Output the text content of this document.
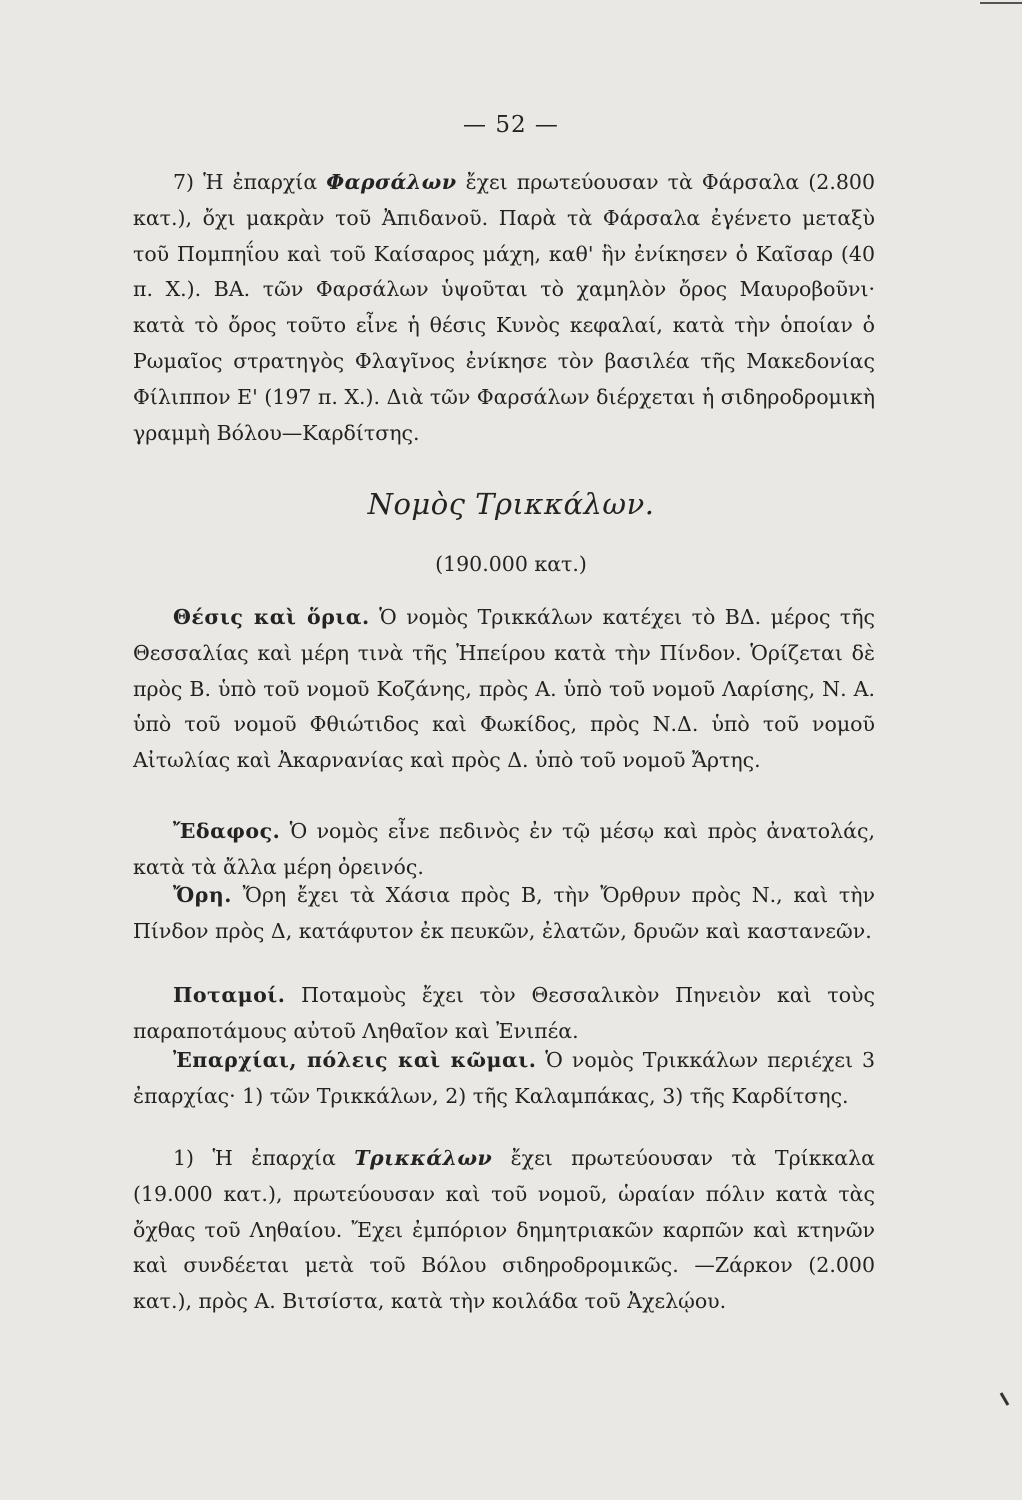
— 52 —

7) Ἡ ἐπαρχία Φαρσάλων ἔχει πρωτεύουσαν τὰ Φάρσαλα (2.800 κατ.), ὄχι μακρὰν τοῦ Ἀπιδανοῦ. Παρὰ τὰ Φάρσαλα ἐγένετο μεταξὺ τοῦ Πομπηΐου καὶ τοῦ Καίσαρος μάχη, καθ' ἣν ἐνίκησεν ὁ Καῖσαρ (40 π. Χ.). ΒΑ. τῶν Φαρσάλων ὑψοῦται τὸ χαμηλὸν ὄρος Μαυροβοῦνι· κατὰ τὸ ὄρος τοῦτο εἶνε ἡ θέσις Κυνὸς κεφαλαί, κατὰ τὴν ὁποίαν ὁ Ρωμαῖος στρατηγὸς Φλαγῖνος ἐνίκησε τὸν βασιλέα τῆς Μακεδονίας Φίλιππον Ε' (197 π. Χ.). Διὰ τῶν Φαρσάλων διέρχεται ἡ σιδηροδρομικὴ γραμμὴ Βόλου—Καρδίτσης.

Νομὸς Τρικκάλων.
(190.000 κατ.)

Θέσις καὶ ὅρια. Ὁ νομὸς Τρικκάλων κατέχει τὸ ΒΔ. μέρος τῆς Θεσσαλίας καὶ μέρη τινὰ τῆς Ἠπείρου κατὰ τὴν Πίνδον. Ὁρίζεται δὲ πρὸς Β. ὑπὸ τοῦ νομοῦ Κοζάνης, πρὸς Α. ὑπὸ τοῦ νομοῦ Λαρίσης, Ν. Α. ὑπὸ τοῦ νομοῦ Φθιώτιδος καὶ Φωκίδος, πρὸς Ν.Δ. ὑπὸ τοῦ νομοῦ Αἰτωλίας καὶ Ἀκαρνανίας καὶ πρὸς Δ. ὑπὸ τοῦ νομοῦ Ἄρτης.

Ἔδαφος. Ὁ νομὸς εἶνε πεδινὸς ἐν τῷ μέσῳ καὶ πρὸς ἀνατολάς, κατὰ τὰ ἄλλα μέρη ὀρεινός.

Ὄρη. Ὄρη ἔχει τὰ Χάσια πρὸς Β, τὴν Ὄρθρυν πρὸς Ν., καὶ τὴν Πίνδον πρὸς Δ, κατάφυτον ἐκ πευκῶν, ἐλατῶν, δρυῶν καὶ καστανεῶν.

Ποταμοί. Ποταμοὺς ἔχει τὸν Θεσσαλικὸν Πηνειὸν καὶ τοὺς παραποτάμους αὐτοῦ Ληθαῖον καὶ Ἐνιπέα.

Ἐπαρχίαι, πόλεις καὶ κῶμαι. Ὁ νομὸς Τρικκάλων περιέχει 3 ἐπαρχίας· 1) τῶν Τρικκάλων, 2) τῆς Καλαμπάκας, 3) τῆς Καρδίτσης.

1) Ἡ ἐπαρχία Τρικκάλων ἔχει πρωτεύουσαν τὰ Τρίκκαλα (19.000 κατ.), πρωτεύουσαν καὶ τοῦ νομοῦ, ὡραίαν πόλιν κατὰ τὰς ὄχθας τοῦ Ληθαίου. Ἔχει ἐμπόριον δημητριακῶν καρπῶν καὶ κτηνῶν καὶ συνδέεται μετὰ τοῦ Βόλου σιδηροδρομικῶς. —Ζάρκον (2.000 κατ.), πρὸς Α. Βιτσίστα, κατὰ τὴν κοιλάδα τοῦ Ἀχελῴου.
